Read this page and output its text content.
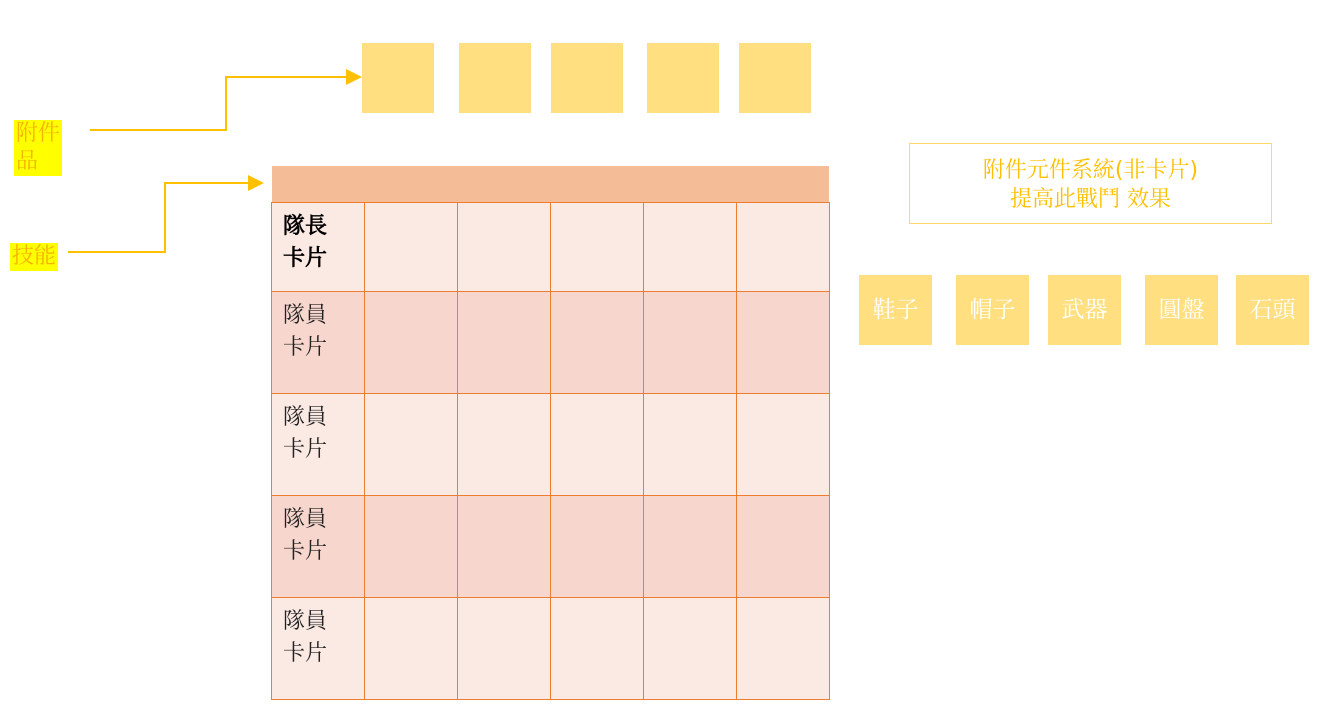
附件
品
技能
隊長
卡片					

隊員
卡片					

隊員
卡片					

隊員
卡片					

隊員
卡片					

附件元件系統(非卡片)
提高此戰鬥 效果
鞋子	帽子	武器	圓盤	石頭
